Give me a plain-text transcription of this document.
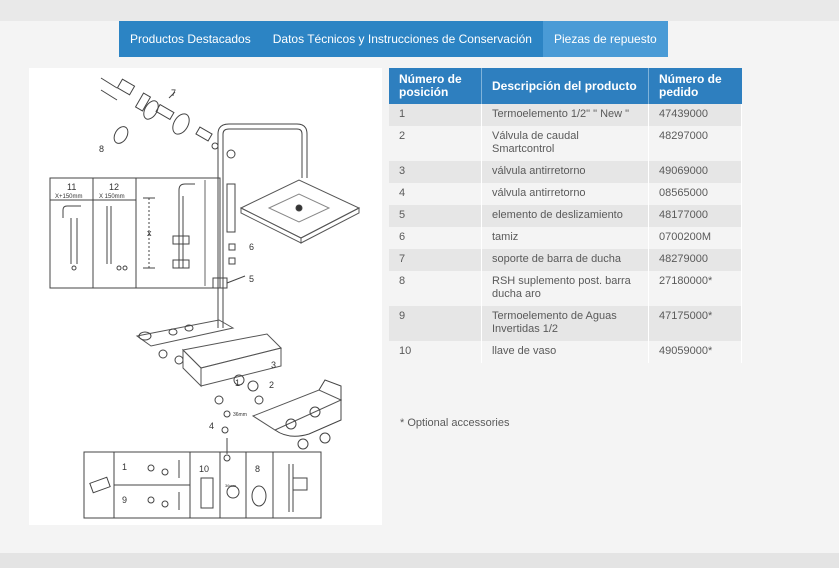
Productos Destacados	Datos Técnicos y Instrucciones de Conservación	Piezas de repuesto
7
8
6
5
11
X+150mm
12
X 150mm
x
3
1	2
4
36mm
1
9
10	8
36mm
Número de posición	Descripción del producto	Número de pedido
1	Termoelemento 1/2" " New "	47439000
2	Válvula de caudal Smartcontrol	48297000
3	válvula antirretorno	49069000
4	válvula antirretorno	08565000
5	elemento de deslizamiento	48177000
6	tamiz	0700200M
7	soporte de barra de ducha	48279000
8	RSH suplemento post. barra ducha aro	27180000*
9	Termoelemento de Aguas Invertidas 1/2	47175000*
10	llave de vaso	49059000*
* Optional accessories
